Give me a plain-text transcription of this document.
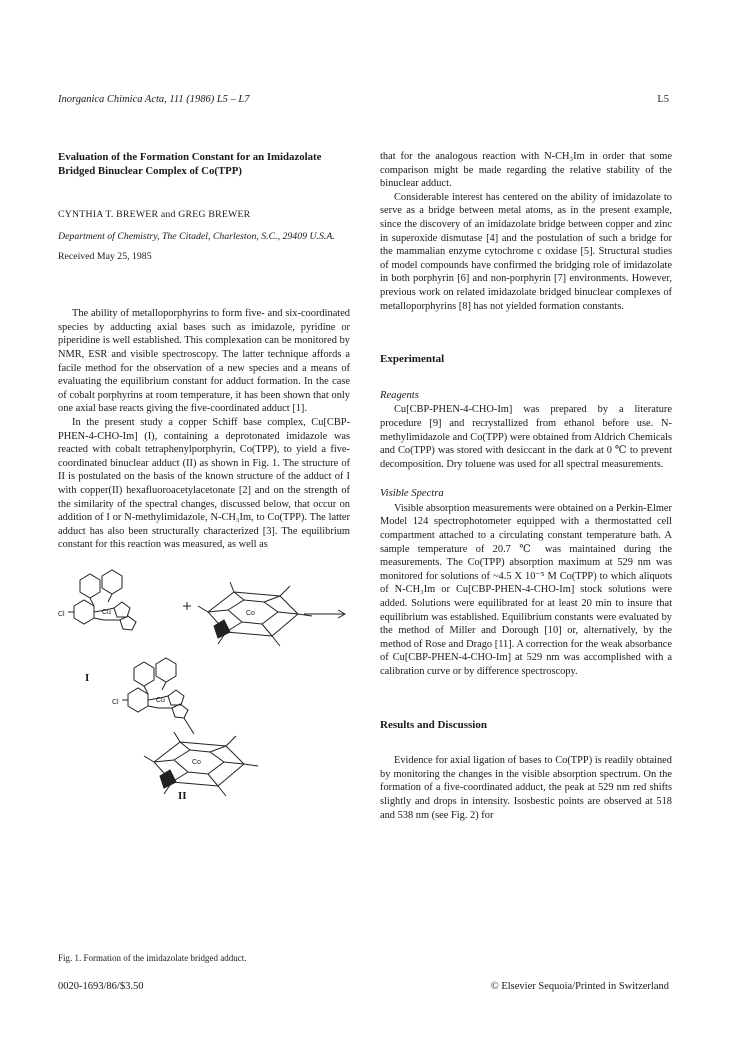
Inorganica Chimica Acta, 111 (1986) L5 – L7	L5
Evaluation of the Formation Constant for an Imidazolate Bridged Binuclear Complex of Co(TPP)
CYNTHIA T. BREWER and GREG BREWER
Department of Chemistry, The Citadel, Charleston, S.C., 29409 U.S.A.
Received May 25, 1985

The ability of metalloporphyrins to form five- and six-coordinated species by adducting axial bases such as imidazole, pyridine or piperidine is well established. This complexation can be monitored by NMR, ESR and visible spectroscopy. The latter technique affords a facile method for the observation of a new species and a means of evaluating the equilibrium constant for adduct formation. In the case of cobalt porphyrins at room temperature, it has been shown that only one axial base reacts giving the five-coordinated adduct [1].

In the present study a copper Schiff base complex, Cu[CBP-PHEN-4-CHO-Im] (I), containing a deprotonated imidazole was reacted with cobalt tetraphenylporphyrin, Co(TPP), to yield a five-coordinated binuclear adduct (II) as shown in Fig. 1. The structure of II is postulated on the basis of the known structure of the adduct of I with copper(II) hexafluoroacetylacetonate [2] and on the strength of the similarity of the spectral changes, discussed below, that occur on addition of I or N-methylimidazole, N-CH₃Im, to Co(TPP). The latter adduct has also been structurally characterized [3]. The equilibrium constant for this reaction was measured, as well as

Cl	Cu	Co
I
Cl	Cu
Co
II

that for the analogous reaction with N-CH₃Im in order that some comparison might be made regarding the relative stability of the binuclear adduct.

Considerable interest has centered on the ability of imidazolate to serve as a bridge between metal atoms, as in the present example, since the discovery of an imidazolate bridge between copper and zinc in superoxide dismutase [4] and the postulation of such a bridge for the mammalian enzyme cytochrome c oxidase [5]. Structural studies of model compounds have confirmed the bridging role of imidazolate in both porphyrin [6] and non-porphyrin [7] environments. However, previous work on related imidazolate bridged binuclear complexes of metalloporphyrins [8] has not yielded formation constants.

Experimental
Reagents

Cu[CBP-PHEN-4-CHO-Im] was prepared by a literature procedure [9] and recrystallized from ethanol before use. N-methylimidazole and Co(TPP) were obtained from Aldrich Chemicals and Co(TPP) was stored with desiccant in the dark at 0 ℃ to prevent decomposition. Dry toluene was used for all spectral measurements.

Visible Spectra

Visible absorption measurements were obtained on a Perkin-Elmer Model 124 spectrophotometer equipped with a thermostatted cell compartment attached to a circulating constant temperature bath. A sample temperature of 20.7 ℃ was maintained during the measurements. The Co(TPP) absorption maximum at 529 nm was monitored for solutions of ~4.5 X 10⁻⁵ M Co(TPP) to which aliquots of N-CH₃Im or Cu[CBP-PHEN-4-CHO-Im] stock solutions were added. Solutions were equilibrated for at least 20 min to insure that equilibrium was established. Equilibrium constants were evaluated by the method of Miller and Dorough [10] or, alternatively, by the method of Rose and Drago [11]. A correction for the weak absorbance of Cu[CBP-PHEN-4-CHO-Im] at 529 nm was accomplished with a calibration curve or by difference spectroscopy.

Results and Discussion

Evidence for axial ligation of bases to Co(TPP) is readily obtained by monitoring the changes in the visible absorption spectrum. On the formation of a five-coordinated adduct, the peak at 529 nm red shifts slightly and drops in intensity. Isosbestic points are observed at 518 and 538 nm (see Fig. 2) for

Fig. 1. Formation of the imidazolate bridged adduct.
0020-1693/86/$3.50	© Elsevier Sequoia/Printed in Switzerland
